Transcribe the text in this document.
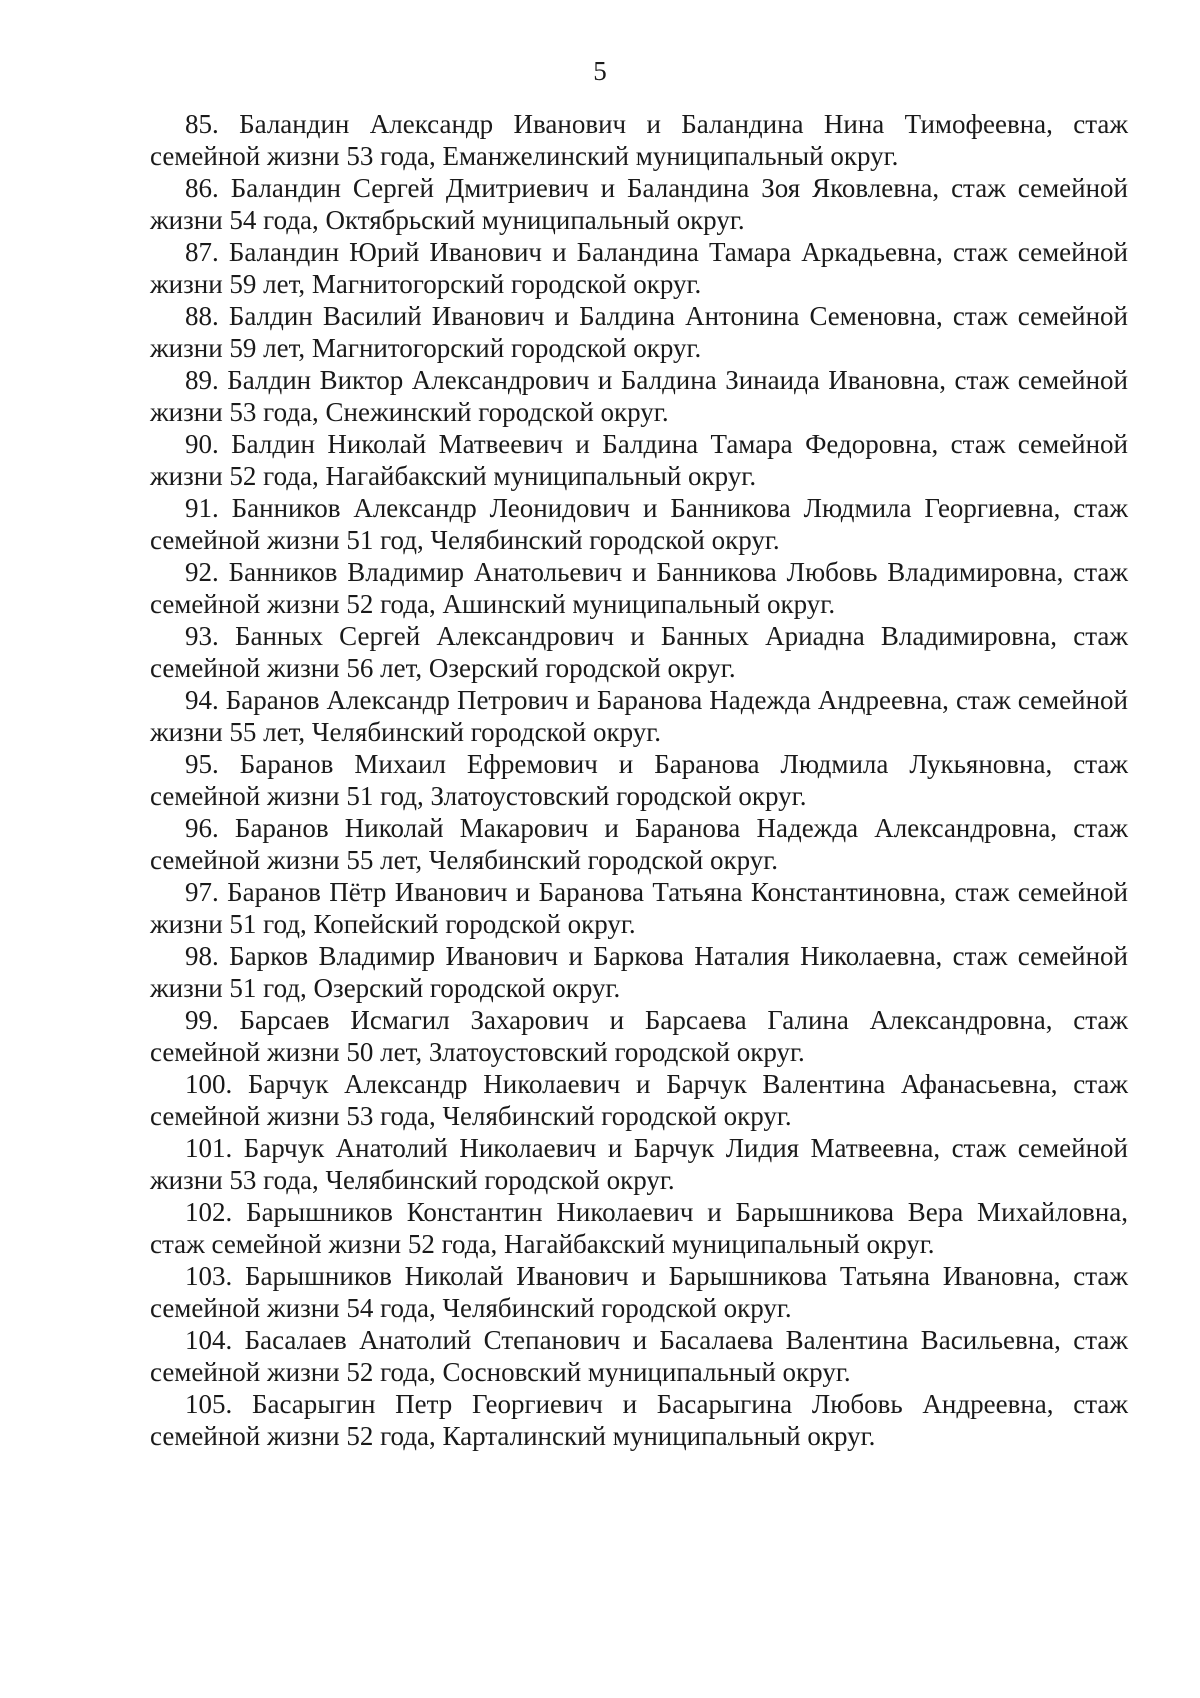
5

85. Баландин Александр Иванович и Баландина Нина Тимофеевна, стаж семейной жизни 53 года, Еманжелинский муниципальный округ.

86. Баландин Сергей Дмитриевич и Баландина Зоя Яковлевна, стаж семейной жизни 54 года, Октябрьский муниципальный округ.

87. Баландин Юрий Иванович и Баландина Тамара Аркадьевна, стаж семейной жизни 59 лет, Магнитогорский городской округ.

88. Балдин Василий Иванович и Балдина Антонина Семеновна, стаж семейной жизни 59 лет, Магнитогорский городской округ.

89. Балдин Виктор Александрович и Балдина Зинаида Ивановна, стаж семейной жизни 53 года, Снежинский городской округ.

90. Балдин Николай Матвеевич и Балдина Тамара Федоровна, стаж семейной жизни 52 года, Нагайбакский муниципальный округ.

91. Банников Александр Леонидович и Банникова Людмила Георгиевна, стаж семейной жизни 51 год, Челябинский городской округ.

92. Банников Владимир Анатольевич и Банникова Любовь Владимировна, стаж семейной жизни 52 года, Ашинский муниципальный округ.

93. Банных Сергей Александрович и Банных Ариадна Владимировна, стаж семейной жизни 56 лет, Озерский городской округ.

94. Баранов Александр Петрович и Баранова Надежда Андреевна, стаж семейной жизни 55 лет, Челябинский городской округ.

95. Баранов Михаил Ефремович и Баранова Людмила Лукьяновна, стаж семейной жизни 51 год, Златоустовский городской округ.

96. Баранов Николай Макарович и Баранова Надежда Александровна, стаж семейной жизни 55 лет, Челябинский городской округ.

97. Баранов Пётр Иванович и Баранова Татьяна Константиновна, стаж семейной жизни 51 год, Копейский городской округ.

98. Барков Владимир Иванович и Баркова Наталия Николаевна, стаж семейной жизни 51 год, Озерский городской округ.

99. Барсаев Исмагил Захарович и Барсаева Галина Александровна, стаж семейной жизни 50 лет, Златоустовский городской округ.

100. Барчук Александр Николаевич и Барчук Валентина Афанасьевна, стаж семейной жизни 53 года, Челябинский городской округ.

101. Барчук Анатолий Николаевич и Барчук Лидия Матвеевна, стаж семейной жизни 53 года, Челябинский городской округ.

102. Барышников Константин Николаевич и Барышникова Вера Михайловна, стаж семейной жизни 52 года, Нагайбакский муниципальный округ.

103. Барышников Николай Иванович и Барышникова Татьяна Ивановна, стаж семейной жизни 54 года, Челябинский городской округ.

104. Басалаев Анатолий Степанович и Басалаева Валентина Васильевна, стаж семейной жизни 52 года, Сосновский муниципальный округ.

105. Басарыгин Петр Георгиевич и Басарыгина Любовь Андреевна, стаж семейной жизни 52 года, Карталинский муниципальный округ.
